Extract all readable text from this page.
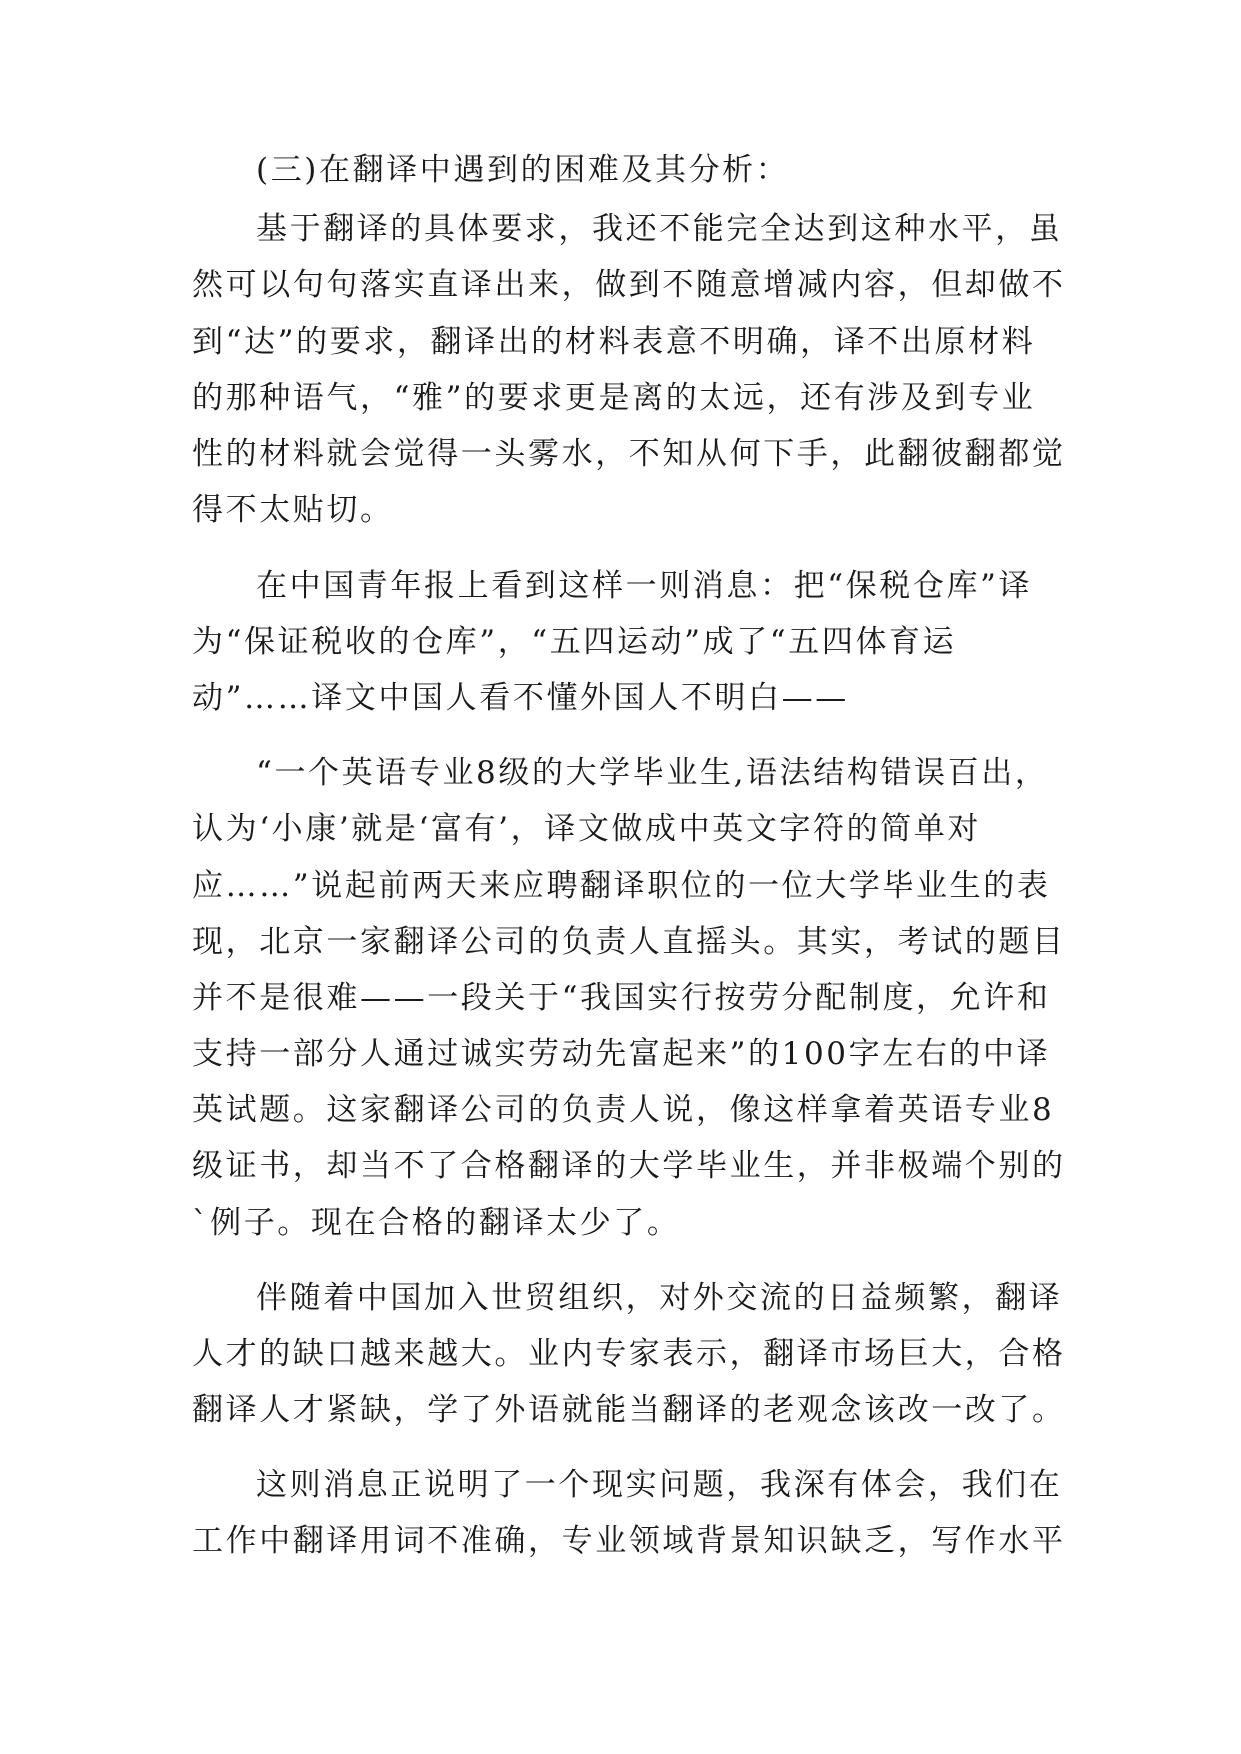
(三)在翻译中遇到的困难及其分析：
基于翻译的具体要求，我还不能完全达到这种水平，虽
然可以句句落实直译出来，做到不随意增减内容，但却做不
到“达”的要求，翻译出的材料表意不明确，译不出原材料
的那种语气，“雅”的要求更是离的太远，还有涉及到专业
性的材料就会觉得一头雾水，不知从何下手，此翻彼翻都觉
得不太贴切。
在中国青年报上看到这样一则消息：把“保税仓库”译
为“保证税收的仓库”，“五四运动”成了“五四体育运
动”……译文中国人看不懂外国人不明白——
“一个英语专业8级的大学毕业生,语法结构错误百出，
认为‘小康’就是‘富有’，译文做成中英文字符的简单对
应……”说起前两天来应聘翻译职位的一位大学毕业生的表
现，北京一家翻译公司的负责人直摇头。其实，考试的题目
并不是很难——一段关于“我国实行按劳分配制度，允许和
支持一部分人通过诚实劳动先富起来”的100字左右的中译
英试题。这家翻译公司的负责人说，像这样拿着英语专业8
级证书，却当不了合格翻译的大学毕业生，并非极端个别的
`例子。现在合格的翻译太少了。
伴随着中国加入世贸组织，对外交流的日益频繁，翻译
人才的缺口越来越大。业内专家表示，翻译市场巨大，合格
翻译人才紧缺，学了外语就能当翻译的老观念该改一改了。
这则消息正说明了一个现实问题，我深有体会，我们在
工作中翻译用词不准确，专业领域背景知识缺乏，写作水平
